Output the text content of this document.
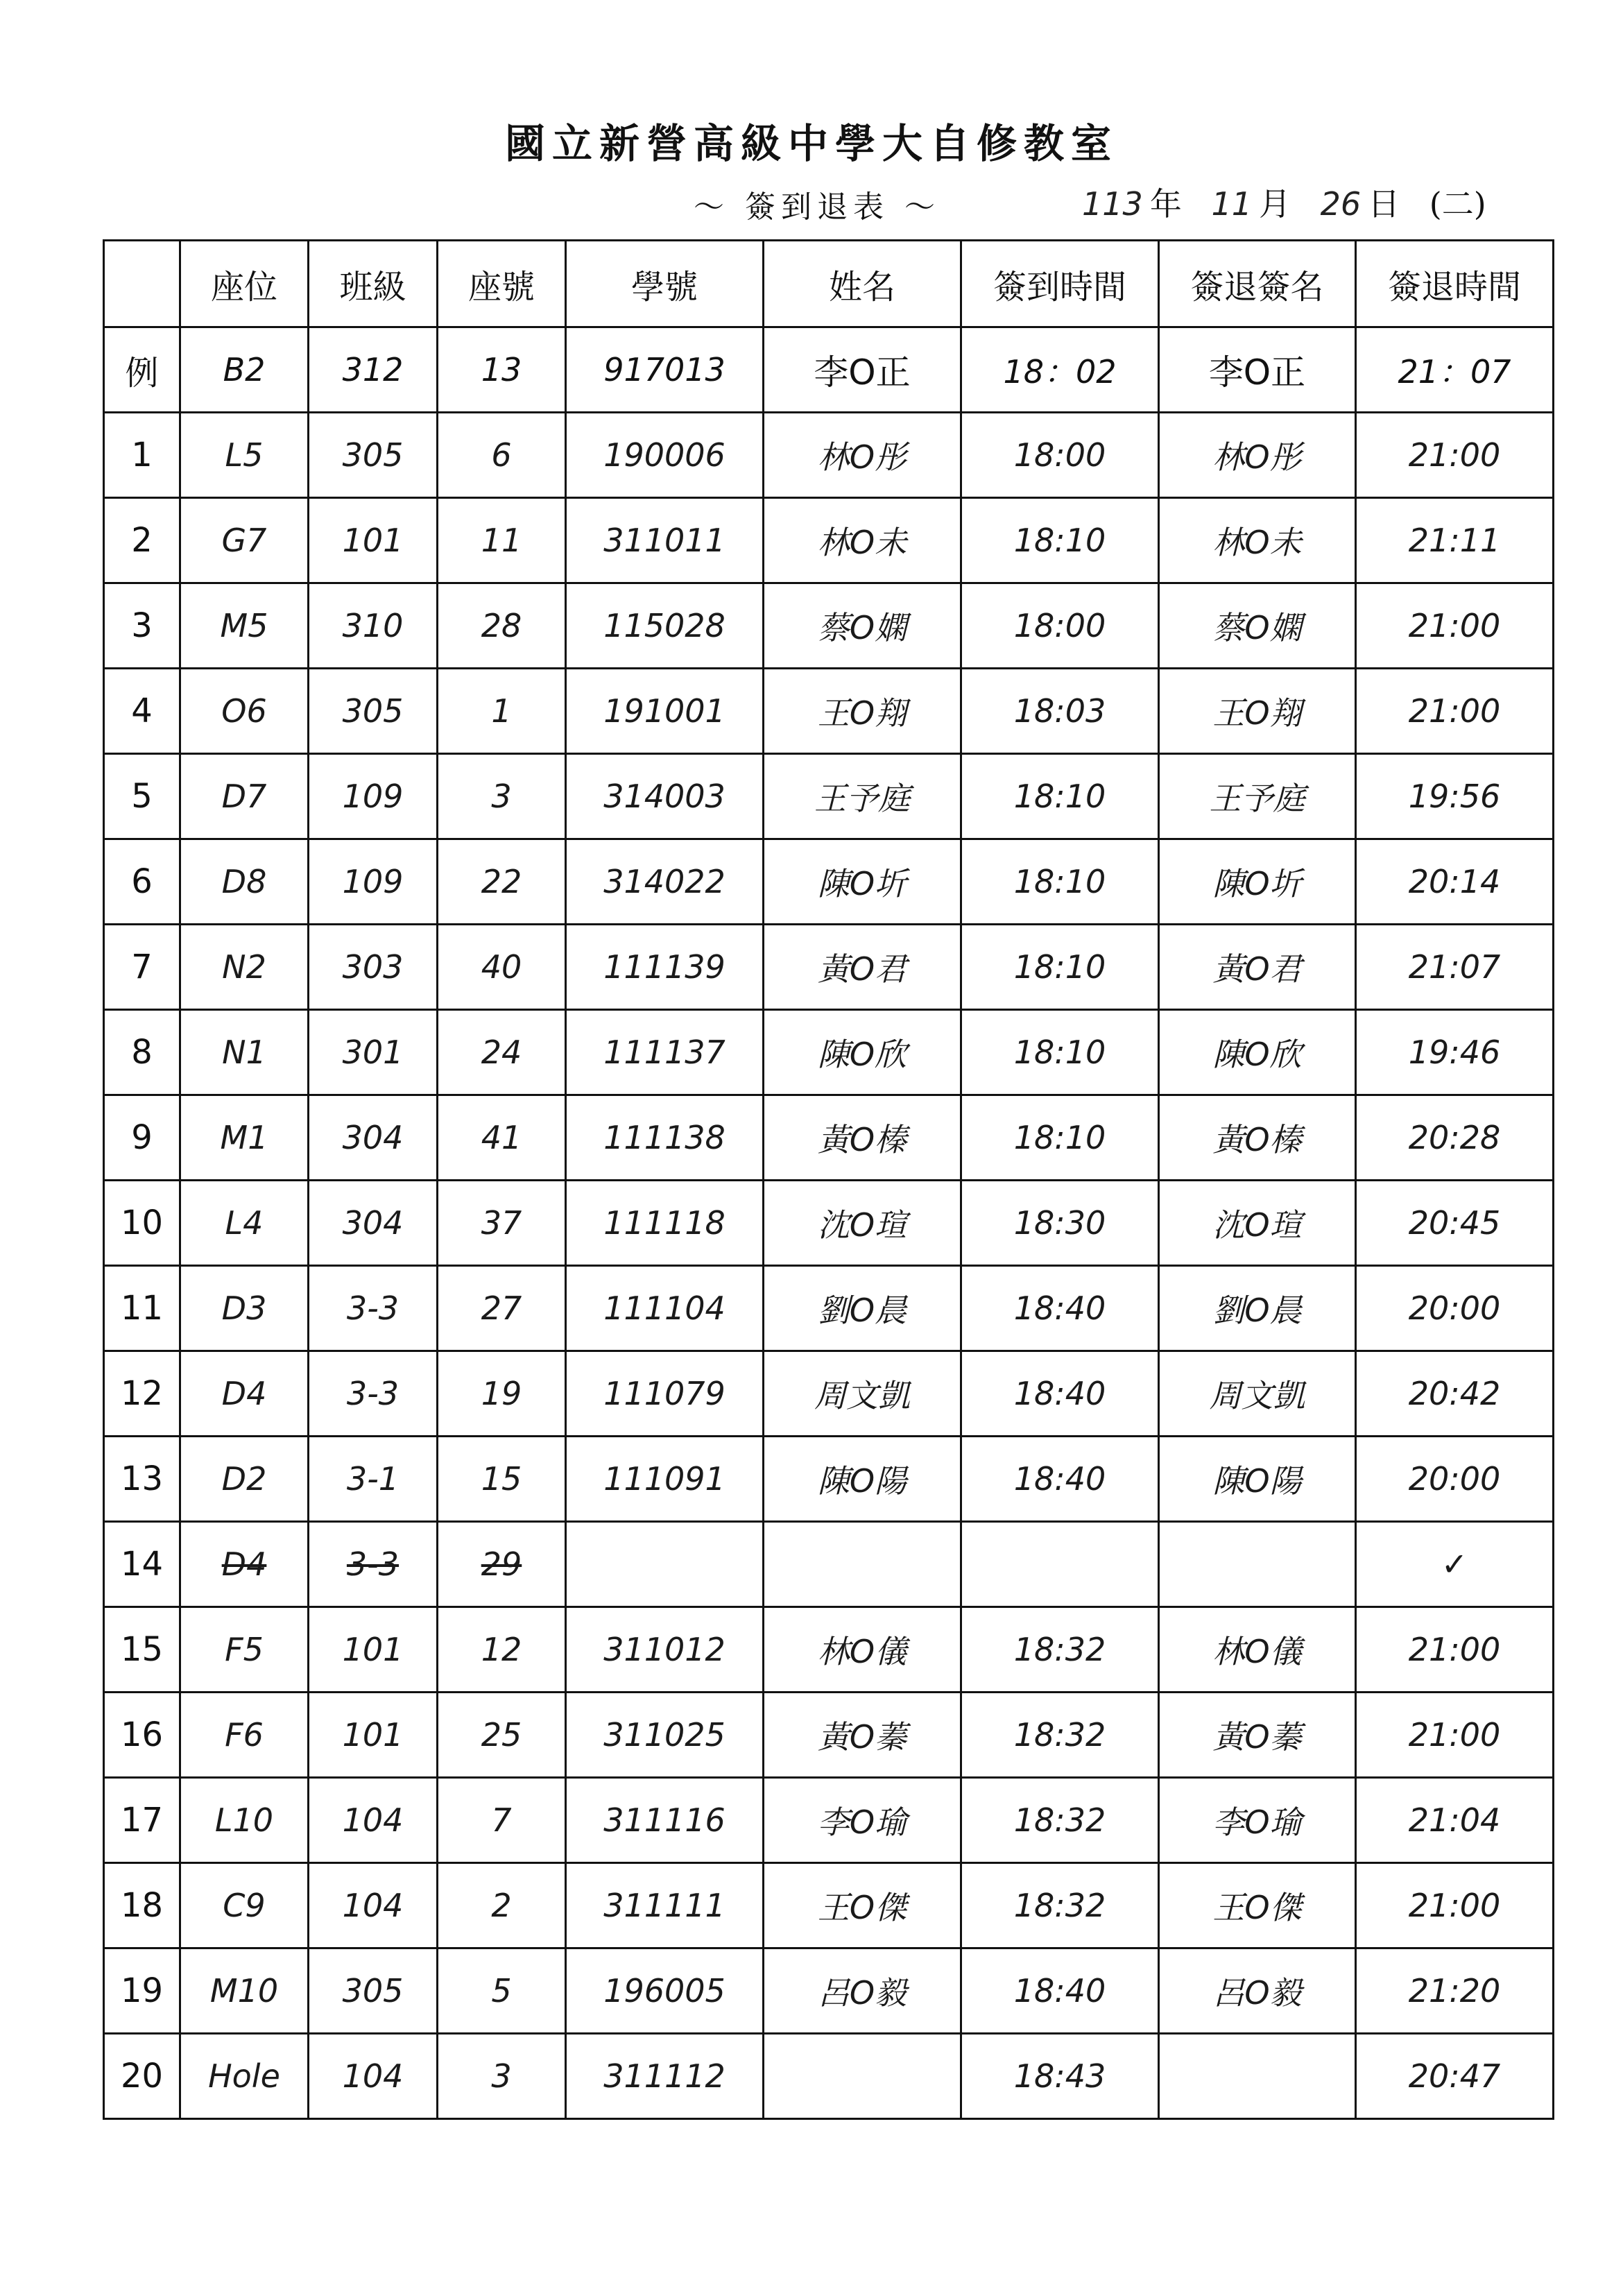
國立新營高級中學大自修教室
～ 簽到退表 ～	113 年 11 月 26 日 (二)
	座位	班級	座號	學號	姓名	簽到時間	簽退簽名	簽退時間
例	B2	312	13	917013	李O正	18：02	李O正	21：07
1	L5	305	6	190006	林O彤	18:00	林O彤	21:00
2	G7	101	11	311011	林O未	18:10	林O未	21:11
3	M5	310	28	115028	蔡O嫻	18:00	蔡O嫻	21:00
4	O6	305	1	191001	王O翔	18:03	王O翔	21:00
5	D7	109	3	314003	王予庭	18:10	王予庭	19:56
6	D8	109	22	314022	陳O圻	18:10	陳O圻	20:14
7	N2	303	40	111139	黃O君	18:10	黃O君	21:07
8	N1	301	24	111137	陳O欣	18:10	陳O欣	19:46
9	M1	304	41	111138	黃O榛	18:10	黃O榛	20:28
10	L4	304	37	111118	沈O瑄	18:30	沈O瑄	20:45
11	D3	3-3	27	111104	劉O晨	18:40	劉O晨	20:00
12	D4	3-3	19	111079	周文凱	18:40	周文凱	20:42
13	D2	3-1	15	111091	陳O陽	18:40	陳O陽	20:00
14	D4	3-3	29					✓
15	F5	101	12	311012	林O儀	18:32	林O儀	21:00
16	F6	101	25	311025	黃O蓁	18:32	黃O蓁	21:00
17	L10	104	7	311116	李O瑜	18:32	李O瑜	21:04
18	C9	104	2	311111	王O傑	18:32	王O傑	21:00
19	M10	305	5	196005	呂O毅	18:40	呂O毅	21:20
20	Hole	104	3	311112		18:43		20:47
